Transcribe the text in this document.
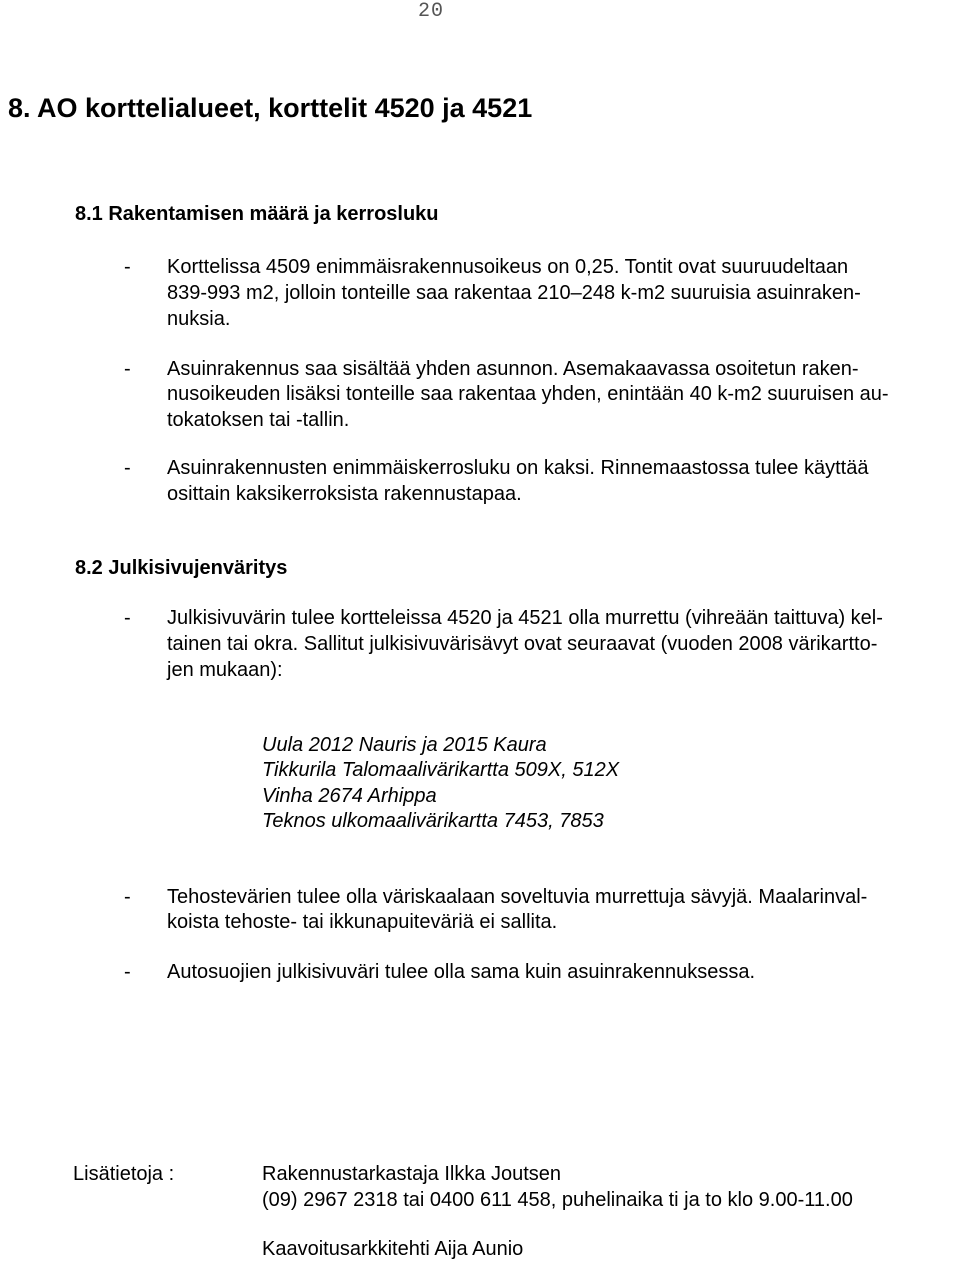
20
8. AO korttelialueet, korttelit 4520 ja 4521
8.1 Rakentamisen määrä ja kerrosluku
- Korttelissa 4509 enimmäisrakennusoikeus on 0,25. Tontit ovat suuruudeltaan
839-993 m2, jolloin tonteille saa rakentaa 210–248 k-m2 suuruisia asuinraken-
nuksia.
- Asuinrakennus saa sisältää yhden asunnon. Asemakaavassa osoitetun raken-
nusoikeuden lisäksi tonteille saa rakentaa yhden, enintään 40 k-m2 suuruisen au-
tokatoksen tai -tallin.
- Asuinrakennusten enimmäiskerrosluku on kaksi. Rinnemaastossa tulee käyttää
osittain kaksikerroksista rakennustapaa.
8.2 Julkisivujenväritys
- Julkisivuvärin tulee kortteleissa 4520 ja 4521 olla murrettu (vihreään taittuva) kel-
tainen tai okra. Sallitut julkisivuvärisävyt ovat seuraavat (vuoden 2008 värikartto-
jen mukaan):
Uula 2012 Nauris ja 2015 Kaura
Tikkurila Talomaalivärikartta 509X, 512X
Vinha 2674 Arhippa
Teknos ulkomaalivärikartta 7453, 7853
- Tehostevärien tulee olla väriskaalaan soveltuvia murrettuja sävyjä. Maalarinval-
koista tehoste- tai ikkunapuiteväriä ei sallita.
- Autosuojien julkisivuväri tulee olla sama kuin asuinrakennuksessa.
Lisätietoja :	Rakennustarkastaja Ilkka Joutsen
(09) 2967 2318 tai 0400 611 458, puhelinaika ti ja to klo 9.00-11.00
Kaavoitusarkkitehti Aija Aunio
